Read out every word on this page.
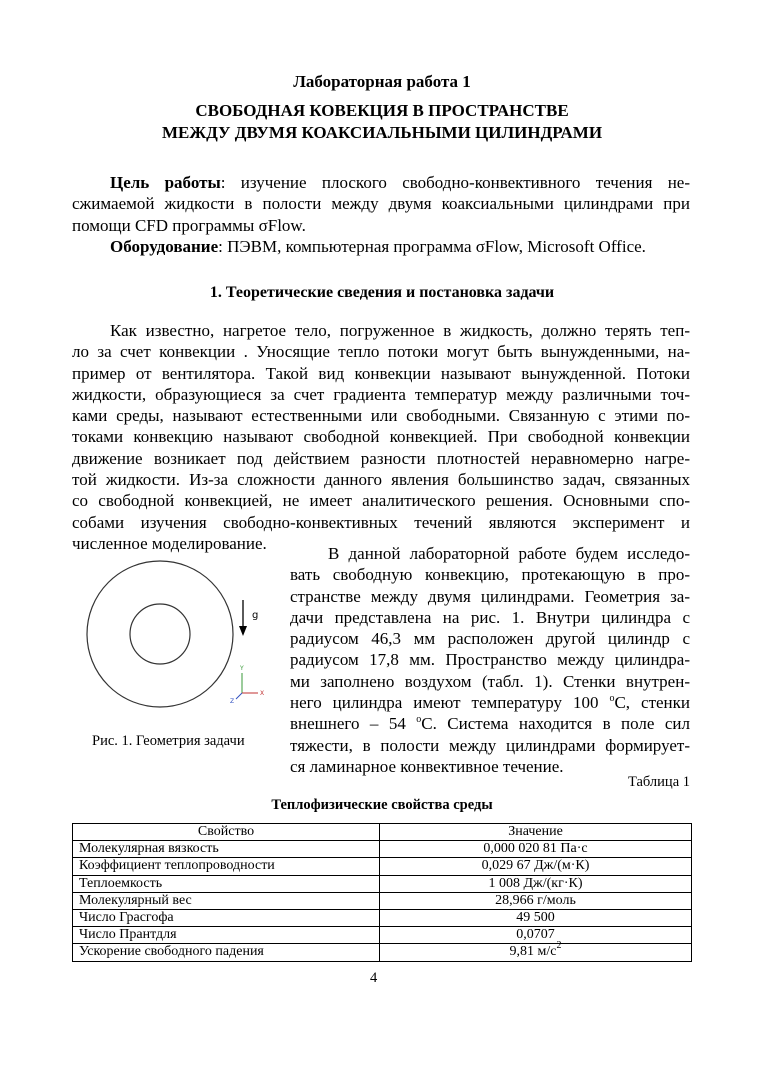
Лабораторная работа 1
СВОБОДНАЯ КОВЕКЦИЯ В ПРОСТРАНСТВЕ
МЕЖДУ ДВУМЯ КОАКСИАЛЬНЫМИ ЦИЛИНДРАМИ
Цель работы: изучение плоского свободно-конвективного течения не-
сжимаемой жидкости в полости между двумя коаксиальными цилиндрами при
помощи CFD программы σFlow.
Оборудование: ПЭВМ, компьютерная программа σFlow, Microsoft Office.
1. Теоретические сведения и постановка задачи
Как известно, нагретое тело, погруженное в жидкость, должно терять теп-
ло за счет конвекции . Уносящие тепло потоки могут быть вынужденными, на-
пример от вентилятора. Такой вид конвекции называют вынужденной. Потоки
жидкости, образующиеся за счет градиента температур между различными точ-
ками среды, называют естественными или свободными. Связанную с этими по-
токами конвекцию называют свободной конвекцией. При свободной конвекции
движение возникает под действием разности плотностей неравномерно нагре-
той жидкости. Из-за сложности данного явления большинство задач, связанных
со свободной конвекцией, не имеет аналитического решения. Основными спо-
собами изучения свободно-конвективных течений являются эксперимент и
численное моделирование.
g
Y
X
Z
Рис. 1. Геометрия задачи
В данной лабораторной работе будем исследо-
вать свободную конвекцию, протекающую в про-
странстве между двумя цилиндрами. Геометрия за-
дачи представлена на рис. 1. Внутри цилиндра с
радиусом 46,3 мм расположен другой цилиндр с
радиусом 17,8 мм. Пространство между цилиндра-
ми заполнено воздухом (табл. 1). Стенки внутрен-
него цилиндра имеют температуру 100 $^o$С, стенки
внешнего – 54 $^o$С. Система находится в поле сил
тяжести, в полости между цилиндрами формирует-
ся ламинарное конвективное течение.
Таблица 1
Теплофизические свойства среды
Свойство	Значение
Молекулярная вязкость	0,000 020 81 Па·с
Коэффициент теплопроводности	0,029 67 Дж/(м·К)
Теплоемкость	1 008 Дж/(кг·К)
Молекулярный вес	28,966 г/моль
Число Грасгофа	49 500
Число Прантдля	0,0707
Ускорение свободного падения	9,81 $м/с^2$
4
